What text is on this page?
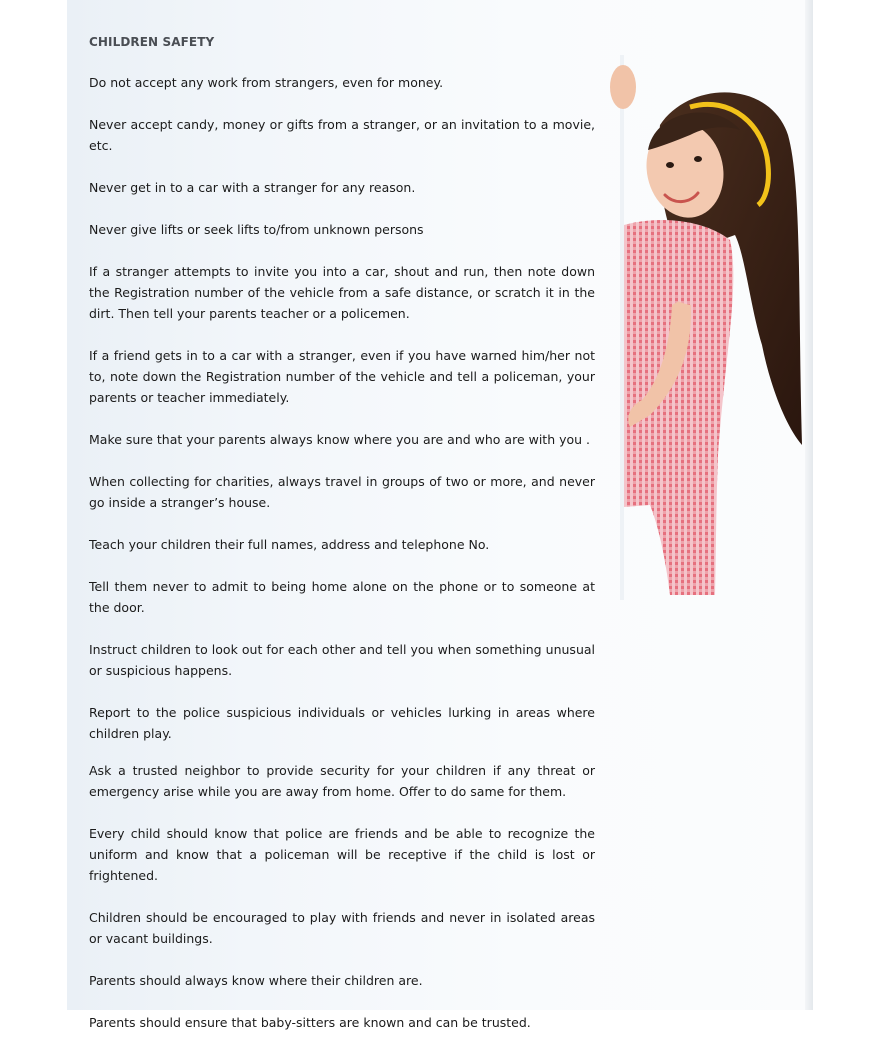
CHILDREN SAFETY

Do not accept any work from strangers, even for money.

Never accept candy, money or gifts from a stranger, or an invitation to a movie, etc.

Never get in to a car with a stranger for any reason.

Never give lifts or seek lifts to/from unknown persons

If a stranger attempts to invite you into a car, shout and run, then note down the Registration number of the vehicle from a safe distance, or scratch it in the dirt. Then tell your parents teacher or a policemen.

If a friend gets in to a car with a stranger, even if you have warned him/her not to, note down the Registration number of the vehicle and tell a policeman, your parents or teacher immediately.

Make sure that your parents always know where you are and who are with you .

When collecting for charities, always travel in groups of two or more, and never go inside a stranger’s house.

Teach your children their full names, address and telephone No.

Tell them never to admit to being home alone on the phone or to someone at the door.

Instruct children to look out for each other and tell you when something unusual or suspicious happens.

Report to the police suspicious individuals or vehicles lurking in areas where children play.

Ask a trusted neighbor to provide security for your children if any threat or emergency arise while you are away from home. Offer to do same for them.

Every child should know that police are friends and be able to recognize the uniform and know that a policeman will be receptive if the child is lost or frightened.

Children should be encouraged to play with friends and never in isolated areas or vacant buildings.

Parents should always know where their children are.

Parents should ensure that baby-sitters are known and can be trusted.
